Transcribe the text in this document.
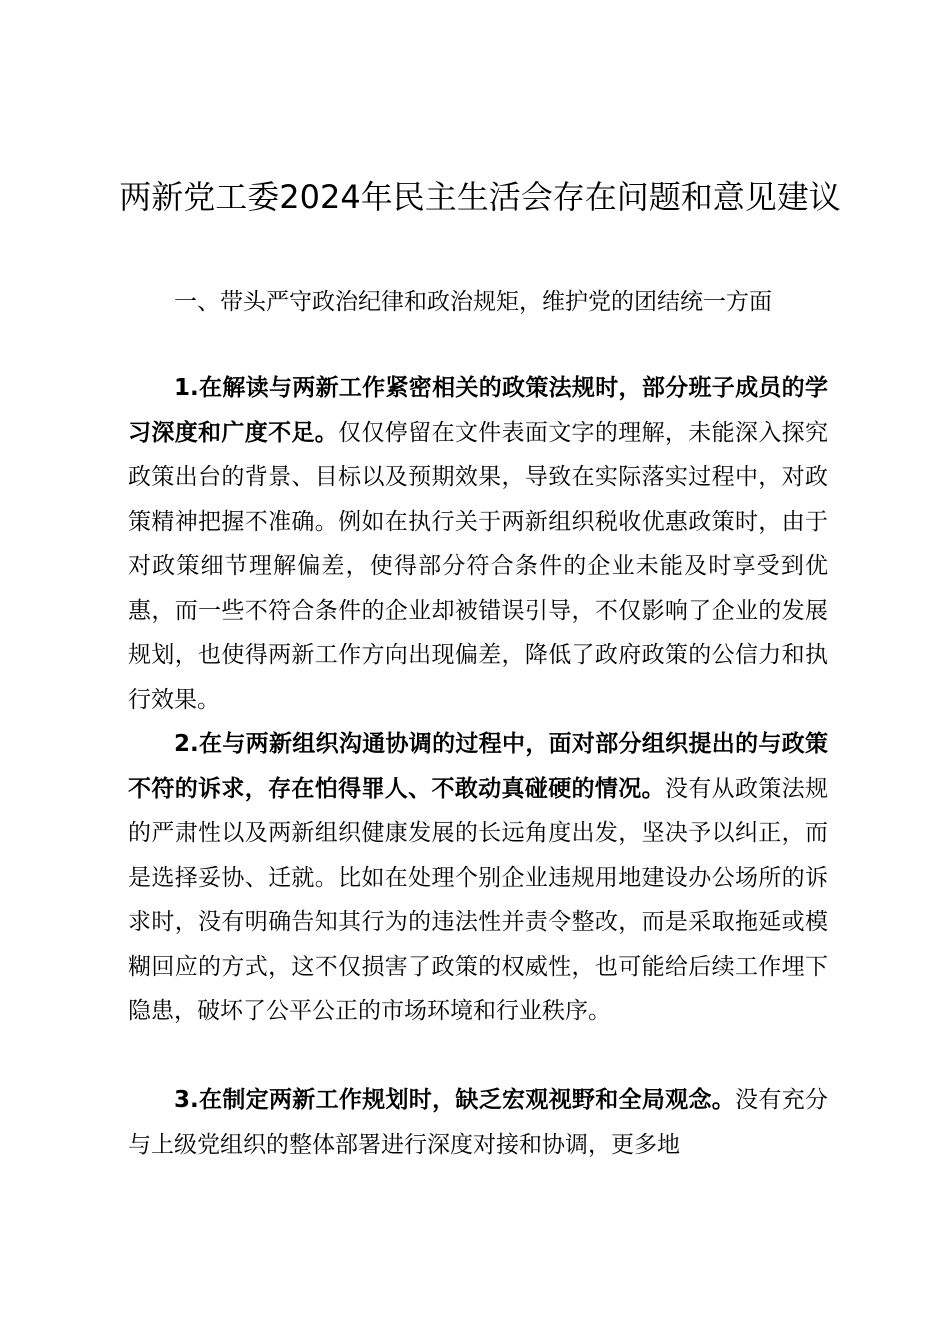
两新党工委2024年民主生活会存在问题和意见建议

一、带头严守政治纪律和政治规矩，维护党的团结统一方面

1.在解读与两新工作紧密相关的政策法规时，部分班子成员的学习深度和广度不足。仅仅停留在文件表面文字的理解，未能深入探究政策出台的背景、目标以及预期效果，导致在实际落实过程中，对政策精神把握不准确。例如在执行关于两新组织税收优惠政策时，由于对政策细节理解偏差，使得部分符合条件的企业未能及时享受到优惠，而一些不符合条件的企业却被错误引导，不仅影响了企业的发展规划，也使得两新工作方向出现偏差，降低了政府政策的公信力和执行效果。

2.在与两新组织沟通协调的过程中，面对部分组织提出的与政策不符的诉求，存在怕得罪人、不敢动真碰硬的情况。没有从政策法规的严肃性以及两新组织健康发展的长远角度出发，坚决予以纠正，而是选择妥协、迁就。比如在处理个别企业违规用地建设办公场所的诉求时，没有明确告知其行为的违法性并责令整改，而是采取拖延或模糊回应的方式，这不仅损害了政策的权威性，也可能给后续工作埋下隐患，破坏了公平公正的市场环境和行业秩序。

3.在制定两新工作规划时，缺乏宏观视野和全局观念。没有充分与上级党组织的整体部署进行深度对接和协调，更多地
